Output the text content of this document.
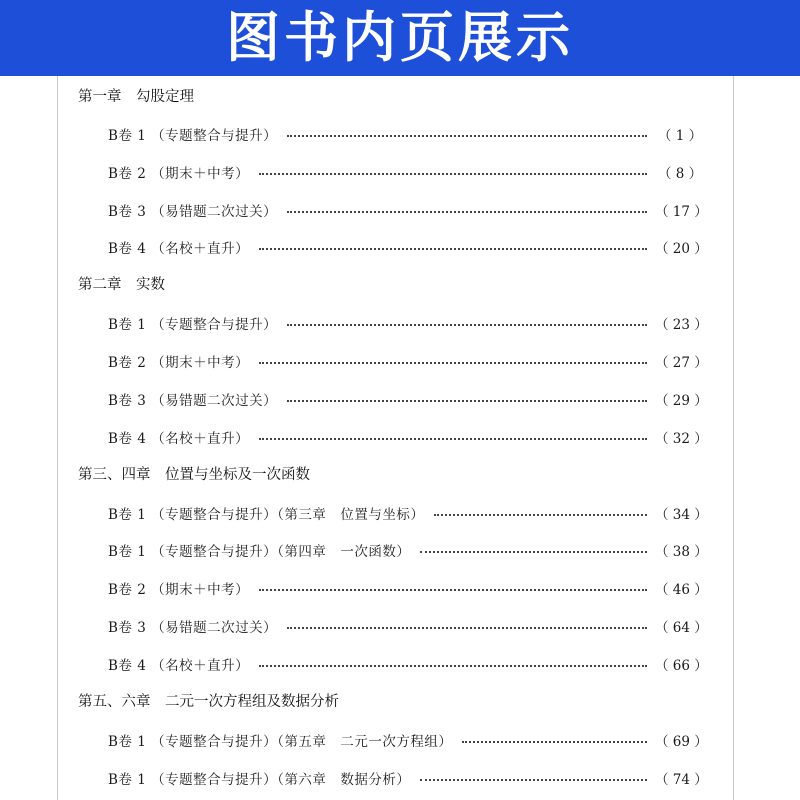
图书内页展示
第一章　勾股定理
B卷 1 （专题整合与提升）	（ 1 ）
B卷 2 （期末＋中考）	（ 8 ）
B卷 3 （易错题二次过关）	（ 17 ）
B卷 4 （名校＋直升）	（ 20 ）
第二章　实数
B卷 1 （专题整合与提升）	（ 23 ）
B卷 2 （期末＋中考）	（ 27 ）
B卷 3 （易错题二次过关）	（ 29 ）
B卷 4 （名校＋直升）	（ 32 ）
第三、四章　位置与坐标及一次函数
B卷 1 （专题整合与提升）（第三章　位置与坐标）	（ 34 ）
B卷 1 （专题整合与提升）（第四章　一次函数）	（ 38 ）
B卷 2 （期末＋中考）	（ 46 ）
B卷 3 （易错题二次过关）	（ 64 ）
B卷 4 （名校＋直升）	（ 66 ）
第五、六章　二元一次方程组及数据分析
B卷 1 （专题整合与提升）（第五章　二元一次方程组）	（ 69 ）
B卷 1 （专题整合与提升）（第六章　数据分析）	（ 74 ）
